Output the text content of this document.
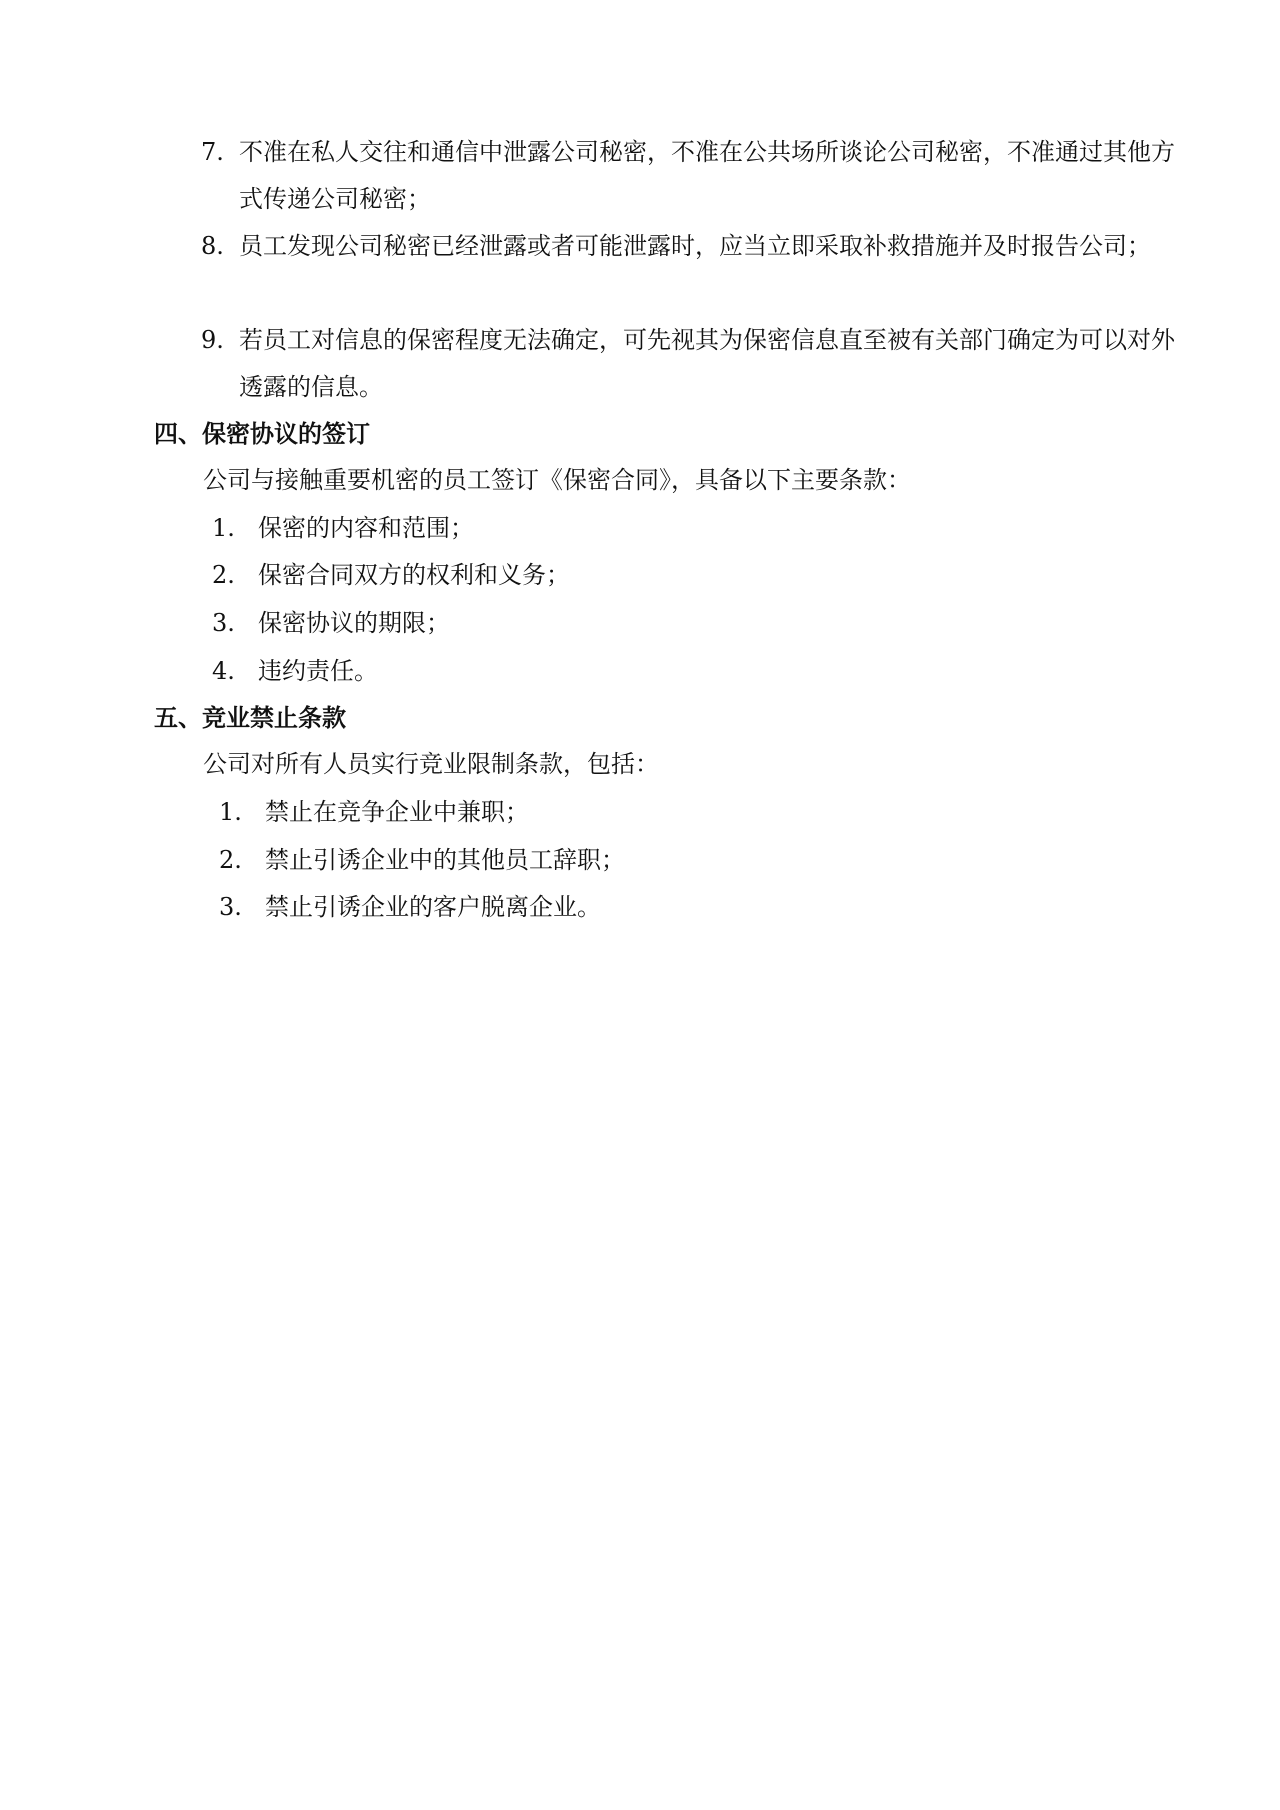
7. 不准在私人交往和通信中泄露公司秘密，不准在公共场所谈论公司秘密，不准通过其他方式传递公司秘密；
8. 员工发现公司秘密已经泄露或者可能泄露时，应当立即采取补救措施并及时报告公司；
9. 若员工对信息的保密程度无法确定，可先视其为保密信息直至被有关部门确定为可以对外透露的信息。
四、保密协议的签订
公司与接触重要机密的员工签订《保密合同》，具备以下主要条款：
1. 保密的内容和范围；
2. 保密合同双方的权利和义务；
3. 保密协议的期限；
4. 违约责任。
五、竞业禁止条款
公司对所有人员实行竞业限制条款，包括：
1. 禁止在竞争企业中兼职；
2. 禁止引诱企业中的其他员工辞职；
3. 禁止引诱企业的客户脱离企业。
